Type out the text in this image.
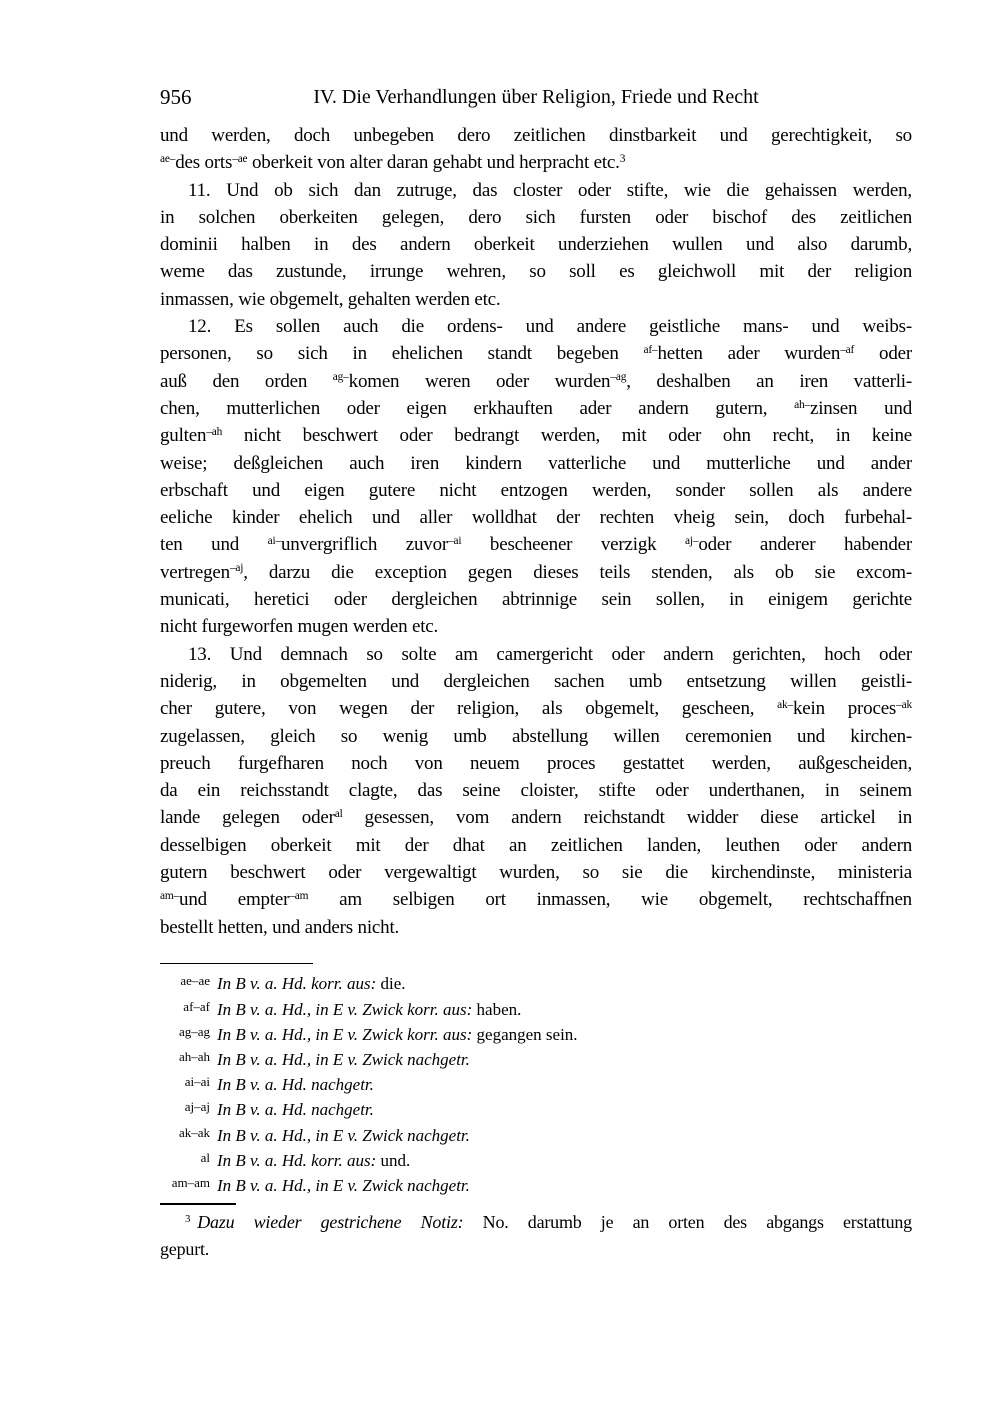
956	IV. Die Verhandlungen über Religion, Friede und Recht
und werden, doch unbegeben dero zeitlichen dinstbarkeit und gerechtigkeit, so
$^{ae-}$des orts$^{-ae}$ oberkeit von alter daran gehabt und herpracht etc.$^3$
11. Und ob sich dan zutruge, das closter oder stifte, wie die gehaissen werden,
in solchen oberkeiten gelegen, dero sich fursten oder bischof des zeitlichen
dominii halben in des andern oberkeit underziehen wullen und also darumb,
weme das zustunde, irrunge wehren, so soll es gleichwoll mit der religion
inmassen, wie obgemelt, gehalten werden etc.
12. Es sollen auch die ordens- und andere geistliche mans- und weibs-
personen, so sich in ehelichen standt begeben $^{af-}$hetten ader wurden$^{-af}$ oder
auß den orden $^{ag-}$komen weren oder wurden$^{-ag}$, deshalben an iren vatterli-
chen, mutterlichen oder eigen erkhauften ader andern gutern, $^{ah-}$zinsen und
gulten$^{-ah}$ nicht beschwert oder bedrangt werden, mit oder ohn recht, in keine
weise; deßgleichen auch iren kindern vatterliche und mutterliche und ander
erbschaft und eigen gutere nicht entzogen werden, sonder sollen als andere
eeliche kinder ehelich und aller wolldhat der rechten vheig sein, doch furbehal-
ten und $^{ai-}$unvergriflich zuvor$^{-ai}$ bescheener verzigk $^{aj-}$oder anderer habender
vertregen$^{-aj}$, darzu die exception gegen dieses teils stenden, als ob sie excom-
municati, heretici oder dergleichen abtrinnige sein sollen, in einigem gerichte
nicht furgeworfen mugen werden etc.
13. Und demnach so solte am camergericht oder andern gerichten, hoch oder
niderig, in obgemelten und dergleichen sachen umb entsetzung willen geistli-
cher gutere, von wegen der religion, als obgemelt, gescheen, $^{ak-}$kein proces$^{-ak}$
zugelassen, gleich so wenig umb abstellung willen ceremonien und kirchen-
preuch furgefharen noch von neuem proces gestattet werden, außgescheiden,
da ein reichsstandt clagte, das seine cloister, stifte oder underthanen, in seinem
lande gelegen oder$^{al}$ gesessen, vom andern reichstandt widder diese artickel in
desselbigen oberkeit mit der dhat an zeitlichen landen, leuthen oder andern
gutern beschwert oder vergewaltigt wurden, so sie die kirchendinste, ministeria
$^{am-}$und empter$^{-am}$ am selbigen ort inmassen, wie obgemelt, rechtschaffnen
bestellt hetten, und anders nicht.
ae–ae In B v. a. Hd. korr. aus: die.
af–af In B v. a. Hd., in E v. Zwick korr. aus: haben.
ag–ag In B v. a. Hd., in E v. Zwick korr. aus: gegangen sein.
ah–ah In B v. a. Hd., in E v. Zwick nachgetr.
ai–ai In B v. a. Hd. nachgetr.
aj–aj In B v. a. Hd. nachgetr.
ak–ak In B v. a. Hd., in E v. Zwick nachgetr.
al In B v. a. Hd. korr. aus: und.
am–am In B v. a. Hd., in E v. Zwick nachgetr.
$^3$ Dazu wieder gestrichene Notiz: No. darumb je an orten des abgangs erstattung
gepurt.
